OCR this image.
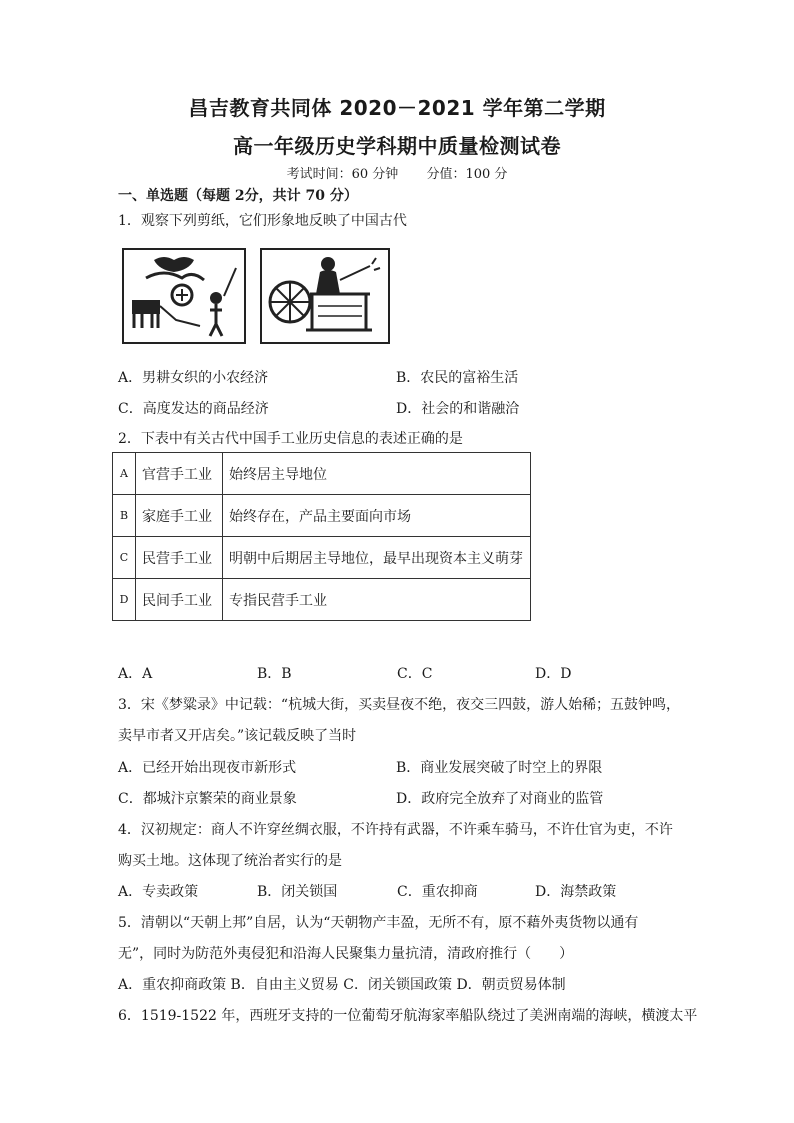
昌吉教育共同体 2020－2021 学年第二学期
高一年级历史学科期中质量检测试卷
考试时间：60 分钟 分值：100 分
一、单选题（每题 2分，共计 70 分）
1．观察下列剪纸，它们形象地反映了中国古代
A．男耕女织的小农经济	B．农民的富裕生活
C．高度发达的商品经济	D．社会的和谐融洽
2．下表中有关古代中国手工业历史信息的表述正确的是
A	官营手工业	始终居主导地位
B	家庭手工业	始终存在，产品主要面向市场
C	民营手工业	明朝中后期居主导地位，最早出现资本主义萌芽
D	民间手工业	专指民营手工业
A．A	B．B	C．C	D．D
3．宋《梦粱录》中记载：“杭城大街，买卖昼夜不绝，夜交三四鼓，游人始稀；五鼓钟鸣，
卖早市者又开店矣。”该记载反映了当时
A．已经开始出现夜市新形式	B．商业发展突破了时空上的界限
C．都城汴京繁荣的商业景象	D．政府完全放弃了对商业的监管
4．汉初规定：商人不许穿丝绸衣服，不许持有武器，不许乘车骑马，不许仕官为吏，不许
购买土地。这体现了统治者实行的是
A．专卖政策	B．闭关锁国	C．重农抑商	D．海禁政策
5．清朝以“天朝上邦”自居，认为“天朝物产丰盈，无所不有，原不藉外夷货物以通有
无”，同时为防范外夷侵犯和沿海人民聚集力量抗清，清政府推行（　　）
A．重农抑商政策 B．自由主义贸易 C．闭关锁国政策 D．朝贡贸易体制
6．1519-1522 年，西班牙支持的一位葡萄牙航海家率船队绕过了美洲南端的海峡，横渡太平
